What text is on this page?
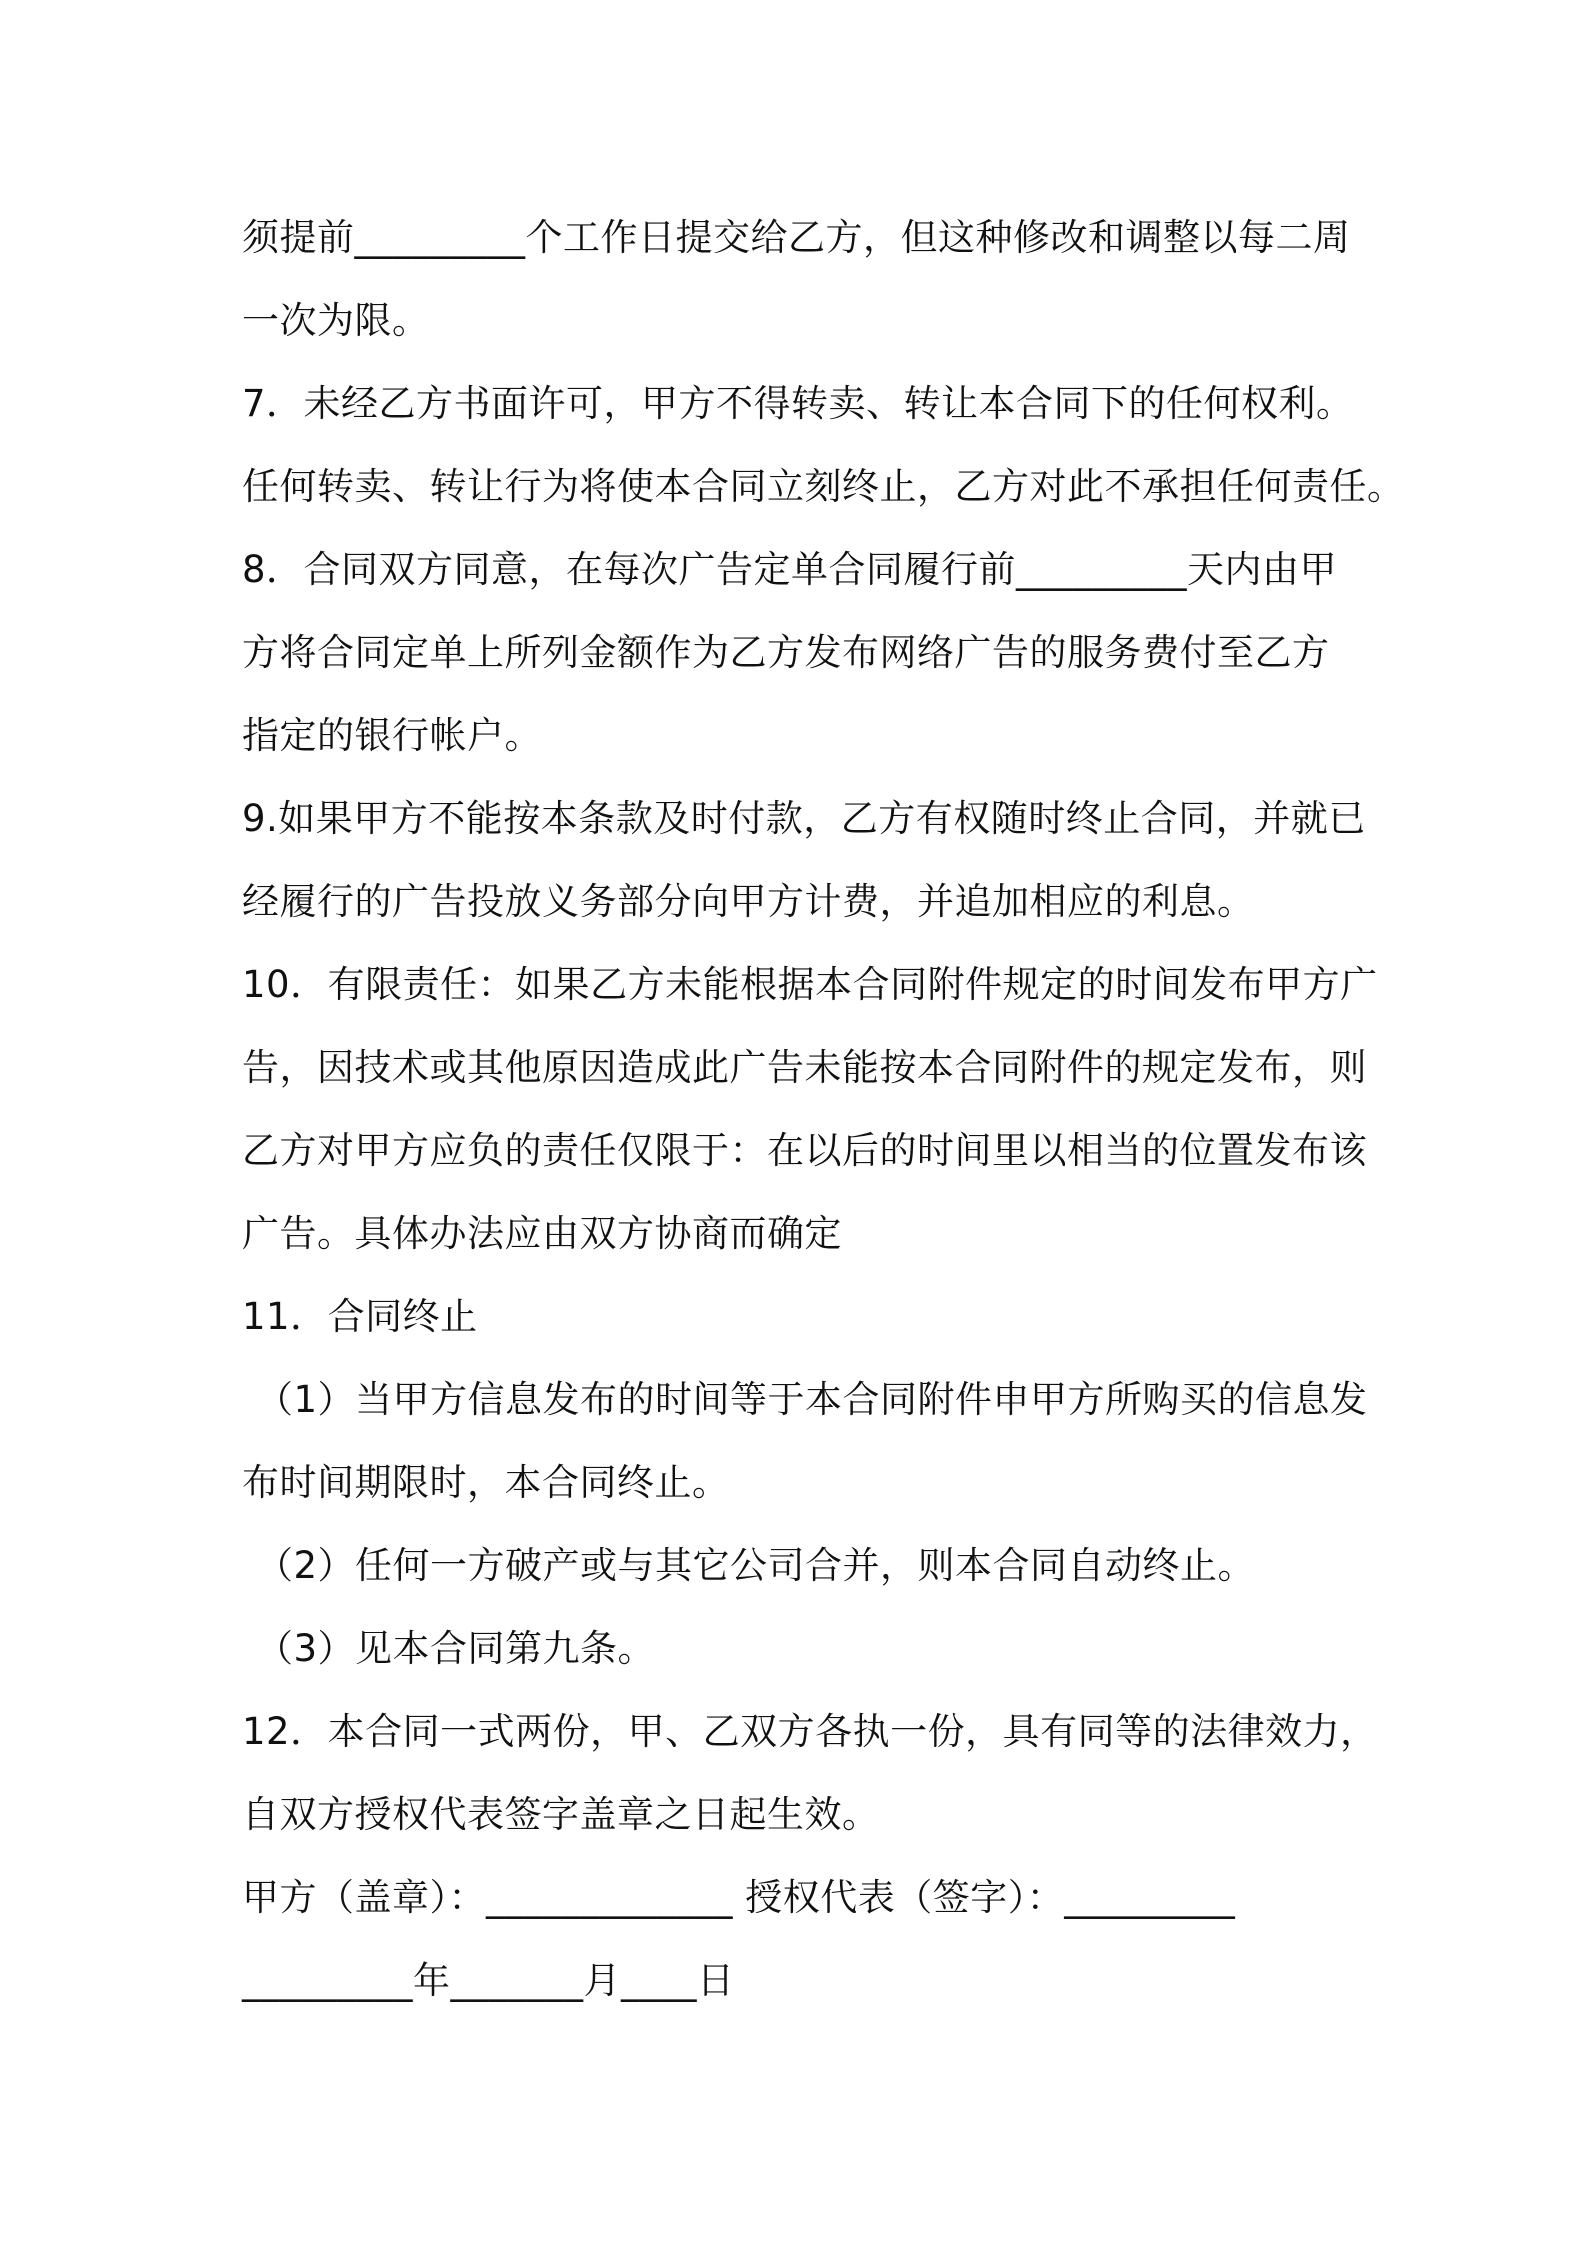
须提前_________个工作日提交给乙方，但这种修改和调整以每二周
一次为限。
7．未经乙方书面许可，甲方不得转卖、转让本合同下的任何权利。
任何转卖、转让行为将使本合同立刻终止，乙方对此不承担任何责任。
8．合同双方同意，在每次广告定单合同履行前_________天内由甲
方将合同定单上所列金额作为乙方发布网络广告的服务费付至乙方
指定的银行帐户。
9.如果甲方不能按本条款及时付款，乙方有权随时终止合同，并就已
经履行的广告投放义务部分向甲方计费，并追加相应的利息。
10．有限责任：如果乙方未能根据本合同附件规定的时间发布甲方广
告，因技术或其他原因造成此广告未能按本合同附件的规定发布，则
乙方对甲方应负的责任仅限于：在以后的时间里以相当的位置发布该
广告。具体办法应由双方协商而确定
11．合同终止
（1）当甲方信息发布的时间等于本合同附件申甲方所购买的信息发
布时间期限时，本合同终止。
（2）任何一方破产或与其它公司合并，则本合同自动终止。
（3）见本合同第九条。
12．本合同一式两份，甲、乙双方各执一份，具有同等的法律效力，
自双方授权代表签字盖章之日起生效。
甲方（盖章）：_____________ 授权代表（签字）：_________
_________年_______月____日
